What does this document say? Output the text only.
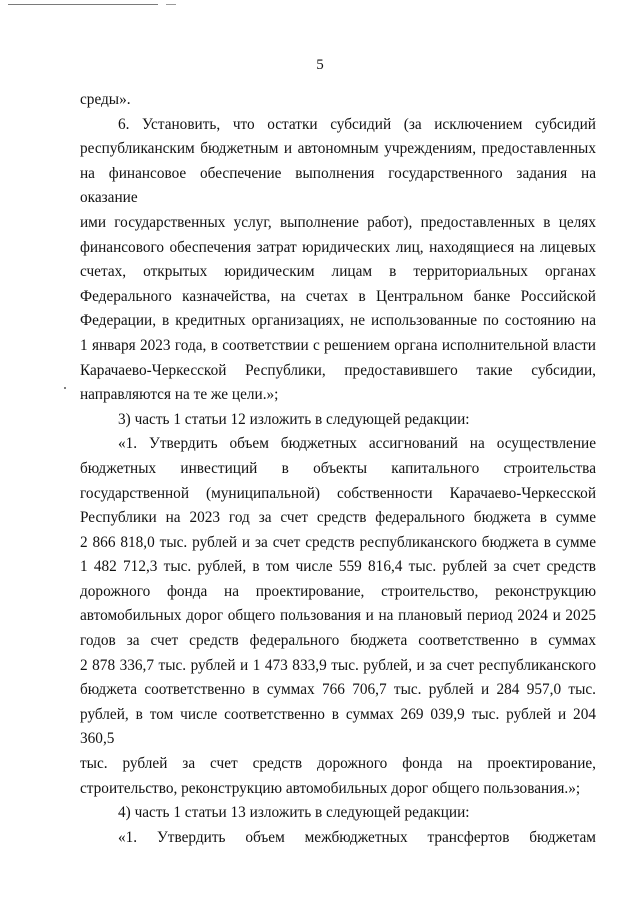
5
среды».
6. Установить, что остатки субсидий (за исключением субсидий
республиканским бюджетным и автономным учреждениям, предоставленных
на финансовое обеспечение выполнения государственного задания на оказание
ими государственных услуг, выполнение работ), предоставленных в целях
финансового обеспечения затрат юридических лиц, находящиеся на лицевых
счетах, открытых юридическим лицам в территориальных органах
Федерального казначейства, на счетах в Центральном банке Российской
Федерации, в кредитных организациях, не использованные по состоянию на
1 января 2023 года, в соответствии с решением органа исполнительной власти
Карачаево-Черкесской Республики, предоставившего такие субсидии,
направляются на те же цели.»;
3) часть 1 статьи 12 изложить в следующей редакции:
«1. Утвердить объем бюджетных ассигнований на осуществление
бюджетных инвестиций в объекты капитального строительства
государственной (муниципальной) собственности Карачаево-Черкесской
Республики на 2023 год за счет средств федерального бюджета в сумме
2 866 818,0 тыс. рублей и за счет средств республиканского бюджета в сумме
1 482 712,3 тыс. рублей, в том числе 559 816,4 тыс. рублей за счет средств
дорожного фонда на проектирование, строительство, реконструкцию
автомобильных дорог общего пользования и на плановый период 2024 и 2025
годов за счет средств федерального бюджета соответственно в суммах
2 878 336,7 тыс. рублей и 1 473 833,9 тыс. рублей, и за счет республиканского
бюджета соответственно в суммах 766 706,7 тыс. рублей и 284 957,0 тыс.
рублей, в том числе соответственно в суммах 269 039,9 тыс. рублей и 204 360,5
тыс. рублей за счет средств дорожного фонда на проектирование,
строительство, реконструкцию автомобильных дорог общего пользования.»;
4) часть 1 статьи 13 изложить в следующей редакции:
«1. Утвердить объем межбюджетных трансфертов бюджетам
